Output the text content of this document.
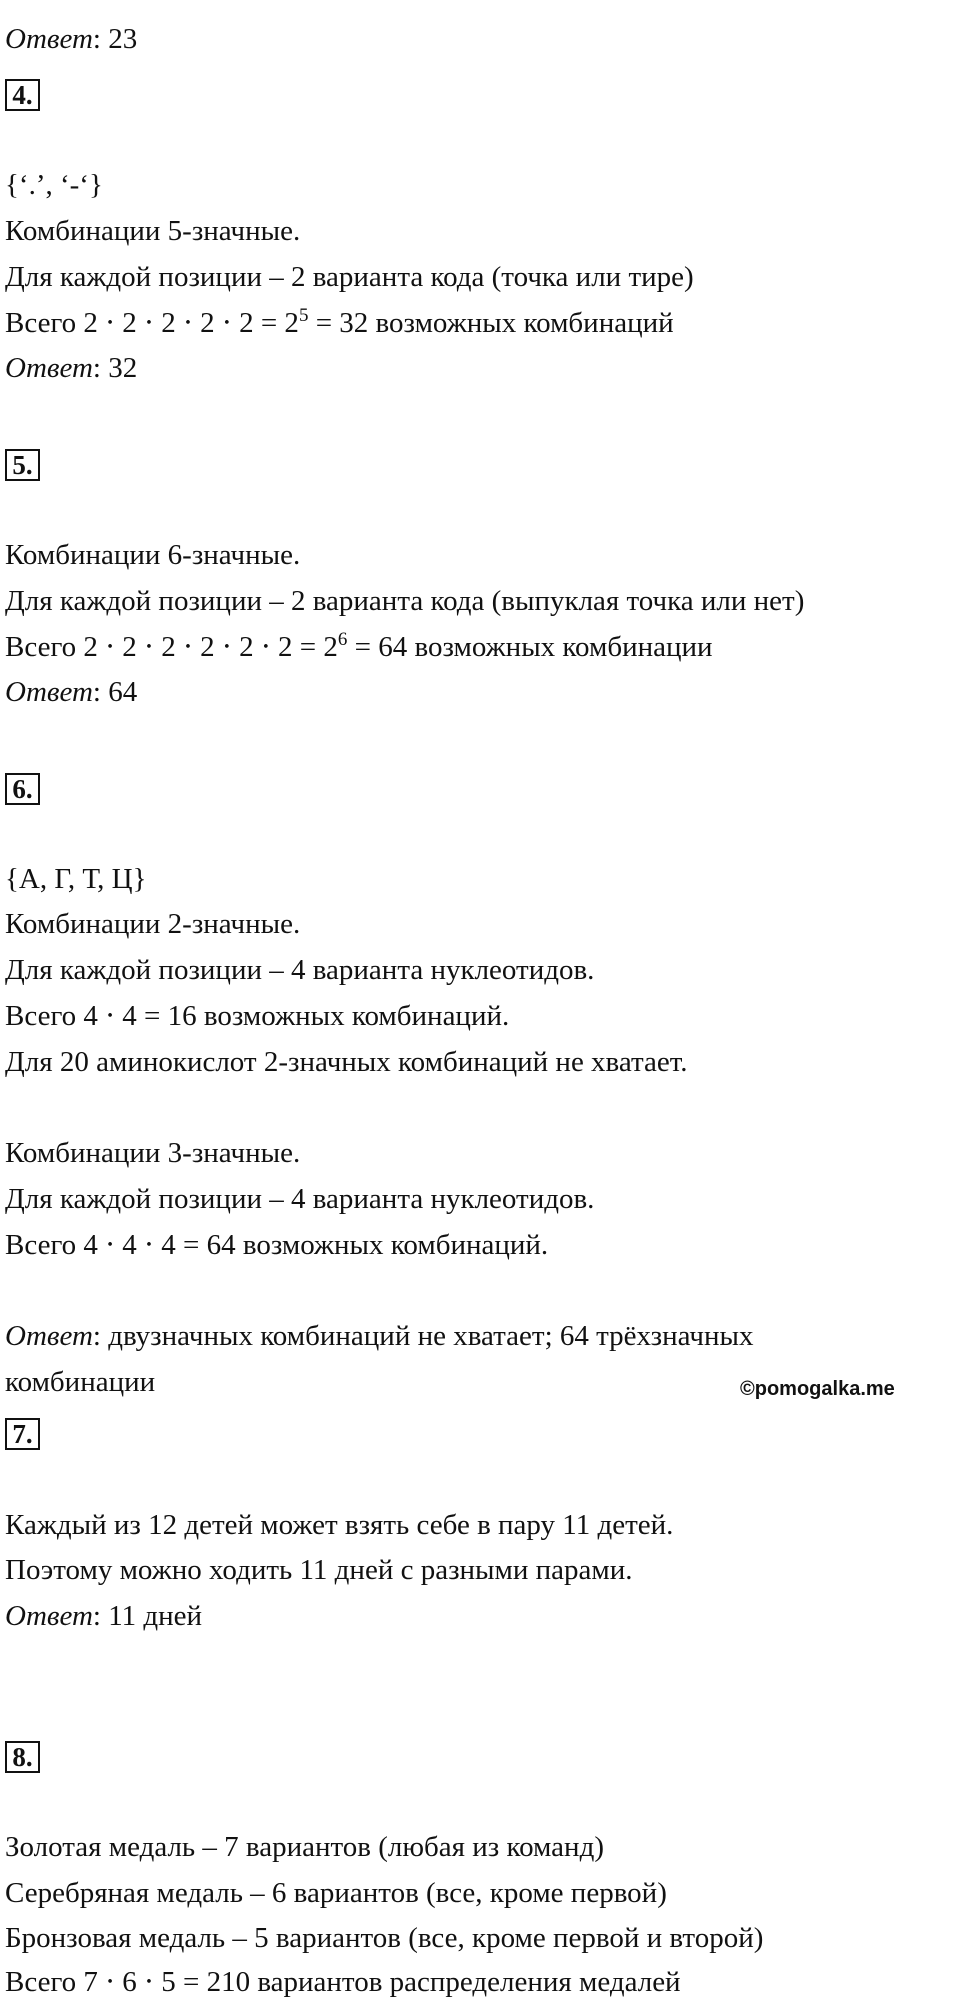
Ответ: 23
4.
{‘.’, ‘-‘}
Комбинации 5-значные.
Для каждой позиции – 2 варианта кода (точка или тире)
Всего $2 \cdot 2 \cdot 2 \cdot 2 \cdot 2 = 2^5 = 32$ возможных комбинаций
Ответ: 32
5.
Комбинации 6-значные.
Для каждой позиции – 2 варианта кода (выпуклая точка или нет)
Всего $2 \cdot 2 \cdot 2 \cdot 2 \cdot 2 \cdot 2 = 2^6 = 64$ возможных комбинации
Ответ: 64
6.
{А, Г, Т, Ц}
Комбинации 2-значные.
Для каждой позиции – 4 варианта нуклеотидов.
Всего 4 ⋅ 4 = 16 возможных комбинаций.
Для 20 аминокислот 2-значных комбинаций не хватает.
Комбинации 3-значные.
Для каждой позиции – 4 варианта нуклеотидов.
Всего 4 ⋅ 4 ⋅ 4 = 64 возможных комбинаций.
Ответ: двузначных комбинаций не хватает; 64 трёхзначных
комбинации	©pomogalka.me
7.
Каждый из 12 детей может взять себе в пару 11 детей.
Поэтому можно ходить 11 дней с разными парами.
Ответ: 11 дней
8.
Золотая медаль – 7 вариантов (любая из команд)
Серебряная медаль – 6 вариантов (все, кроме первой)
Бронзовая медаль – 5 вариантов (все, кроме первой и второй)
Всего 7 ⋅ 6 ⋅ 5 = 210 вариантов распределения медалей
